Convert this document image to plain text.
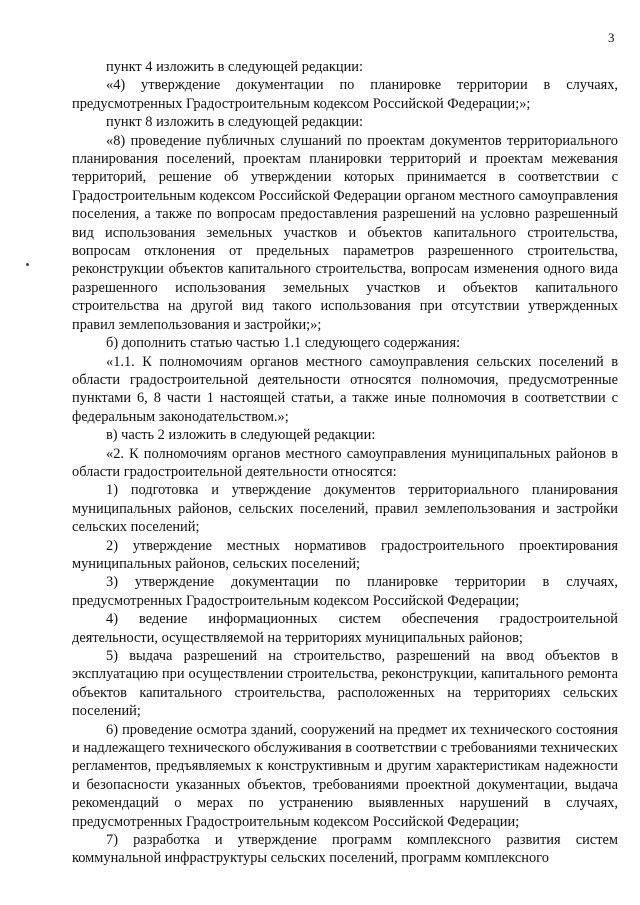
3

пункт 4 изложить в следующей редакции:

«4) утверждение документации по планировке территории в случаях, предусмотренных Градостроительным кодексом Российской Федерации;»;

пункт 8 изложить в следующей редакции:

«8) проведение публичных слушаний по проектам документов территориального планирования поселений, проектам планировки территорий и проектам межевания территорий, решение об утверждении которых принимается в соответствии с Градостроительным кодексом Российской Федерации органом местного самоуправления поселения, а также по вопросам предоставления разрешений на условно разрешенный вид использования земельных участков и объектов капитального строительства, вопросам отклонения от предельных параметров разрешенного строительства, реконструкции объектов капитального строительства, вопросам изменения одного вида разрешенного использования земельных участков и объектов капитального строительства на другой вид такого использования при отсутствии утвержденных правил землепользования и застройки;»;

б) дополнить статью частью 1.1 следующего содержания:

«1.1. К полномочиям органов местного самоуправления сельских поселений в области градостроительной деятельности относятся полномочия, предусмотренные пунктами 6, 8 части 1 настоящей статьи, а также иные полномочия в соответствии с федеральным законодательством.»;

в) часть 2 изложить в следующей редакции:

«2. К полномочиям органов местного самоуправления муниципальных районов в области градостроительной деятельности относятся:

1) подготовка и утверждение документов территориального планирования муниципальных районов, сельских поселений, правил землепользования и застройки сельских поселений;

2) утверждение местных нормативов градостроительного проектирования муниципальных районов, сельских поселений;

3) утверждение документации по планировке территории в случаях, предусмотренных Градостроительным кодексом Российской Федерации;

4) ведение информационных систем обеспечения градостроительной деятельности, осуществляемой на территориях муниципальных районов;

5) выдача разрешений на строительство, разрешений на ввод объектов в эксплуатацию при осуществлении строительства, реконструкции, капитального ремонта объектов капитального строительства, расположенных на территориях сельских поселений;

6) проведение осмотра зданий, сооружений на предмет их технического состояния и надлежащего технического обслуживания в соответствии с требованиями технических регламентов, предъявляемых к конструктивным и другим характеристикам надежности и безопасности указанных объектов, требованиями проектной документации, выдача рекомендаций о мерах по устранению выявленных нарушений в случаях, предусмотренных Градостроительным кодексом Российской Федерации;

7) разработка и утверждение программ комплексного развития систем коммунальной инфраструктуры сельских поселений, программ комплексного
